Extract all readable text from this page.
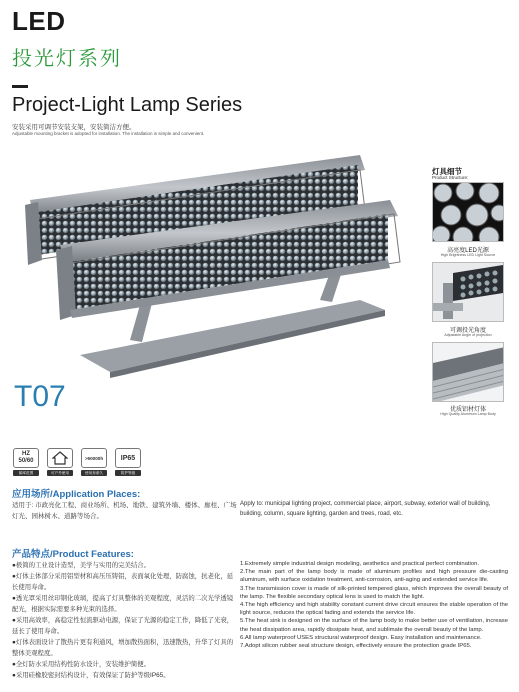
LED
投光灯系列
Project-Light Lamp Series
安装采用可调节安装支架，安装简洁方便。
Adjustable mounting bracket is adopted for installation. The installation is simple and convenient.
T07
灯具细节
Product Structure:
高亮度LED光源
High Brightness LED Light Source
可调投光角度
Adjustable Angle of projection
优质铝材灯体
High Quality Aluminum Lamp Body
HZ
50/60
频率范围	可户外使用
>50000h
使用寿命久
IP65
防护等级
应用场所/Application Places:
适用于: 市政亮化工程、商业场所、机场、地铁、建筑外墙、楼体、廊柱、广场灯光、园林树木、道路等场合。
Apply to: municipal lighting project, commercial place, airport, subway, exterior wall of building, building, column, square lighting, garden and trees, road, etc.
产品特点/Product Features:
●极简的工业设计造型，美学与实用的完美结合。
●灯体主体部分采用铝型材和高压压铸铝，表面氧化处理，防腐蚀，抗老化，延长使用寿命。
●透光罩采用丝印钢化玻璃，提高了灯具整体的美观程度，灵活的二次光学透镜配光，根据实际需要多种光束的选择。
●采用高效率，高稳定性恒流驱动电源，保证了光源的稳定工作，降低了光衰，延长了使用寿命。
●灯体表面设计了散热片更有利通风，增加散热面积，迅速散热，升华了灯具的整体美观程度。
●全灯防水采用结构性防水设计，安装维护简便。
●采用硅橡胶密封结构设计，有效保证了防护等级IP65。
1.Extremely simple industrial design modeling, aesthetics and practical perfect combination.
2.The main part of the lamp body is made of aluminum profiles and high pressure die-casting aluminum, with surface oxidation treatment, anti-corrosion, anti-aging and extended service life.
3.The transmission cover is made of silk-printed tempered glass, which improves the overall beauty of the lamp. The flexible secondary optical lens is used to match the light.
4.The high efficiency and high stability constant current drive circuit ensures the stable operation of the light source, reduces the optical fading and extends the service life.
5.The heat sink is designed on the surface of the lamp body to make better use of ventilation, increase the heat dissipation area, rapidly dissipate heat, and sublimate the overall beauty of the lamp.
6.All lamp waterproof USES structural waterproof design. Easy installation and maintenance.
7.Adopt silicon rubber seal structure design, effectively ensure the protection grade IP65.
